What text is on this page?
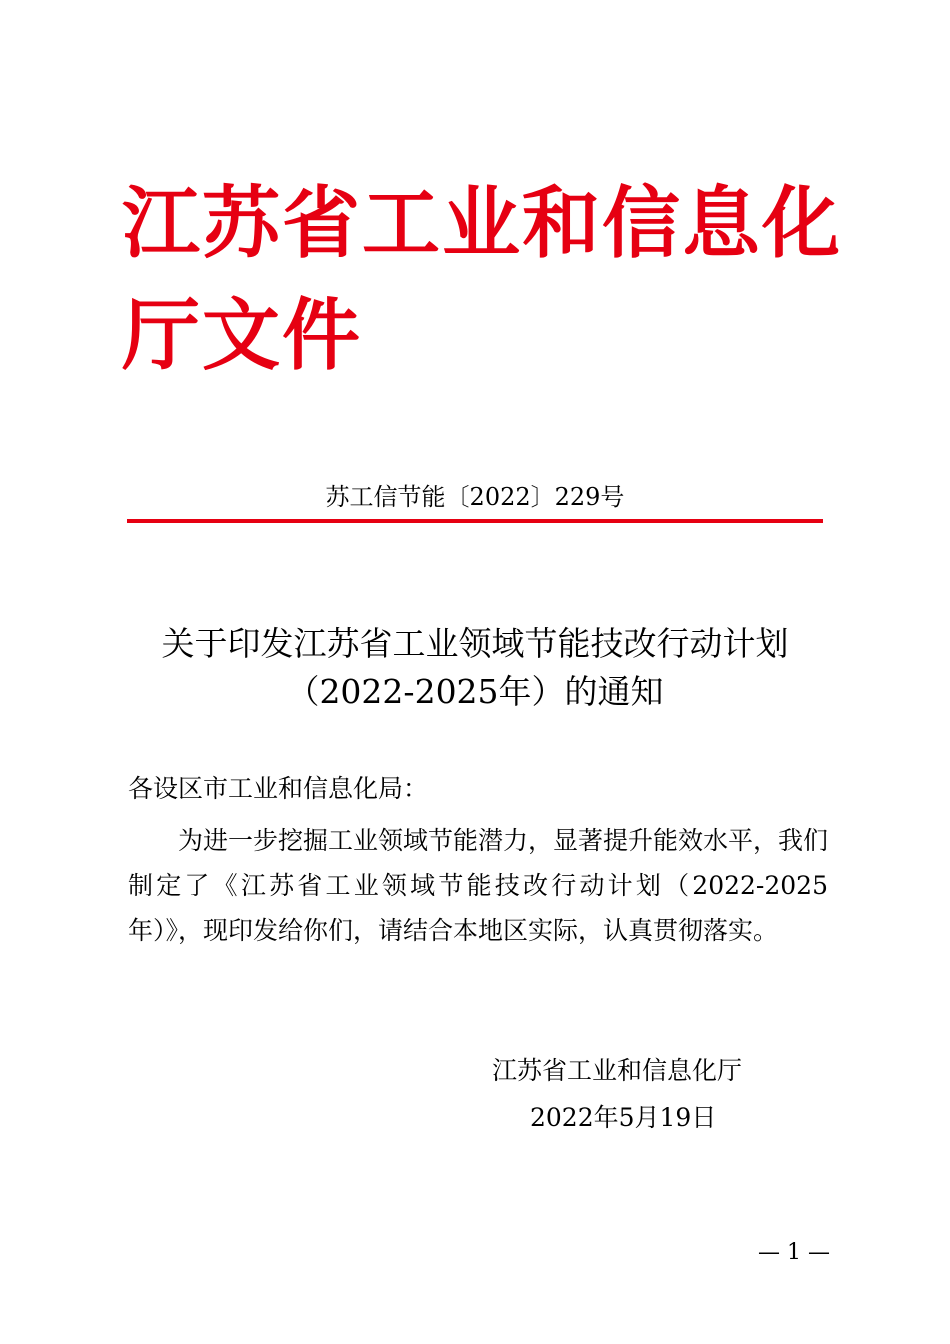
江苏省工业和信息化厅文件
苏工信节能〔2022〕229号
关于印发江苏省工业领域节能技改行动计划
（2022-2025年）的通知
各设区市工业和信息化局：

为进一步挖掘工业领域节能潜力，显著提升能效水平，我们制定了《江苏省工业领域节能技改行动计划（2022-2025年）》，现印发给你们，请结合本地区实际，认真贯彻落实。

江苏省工业和信息化厅
2022年5月19日
— 1 —
